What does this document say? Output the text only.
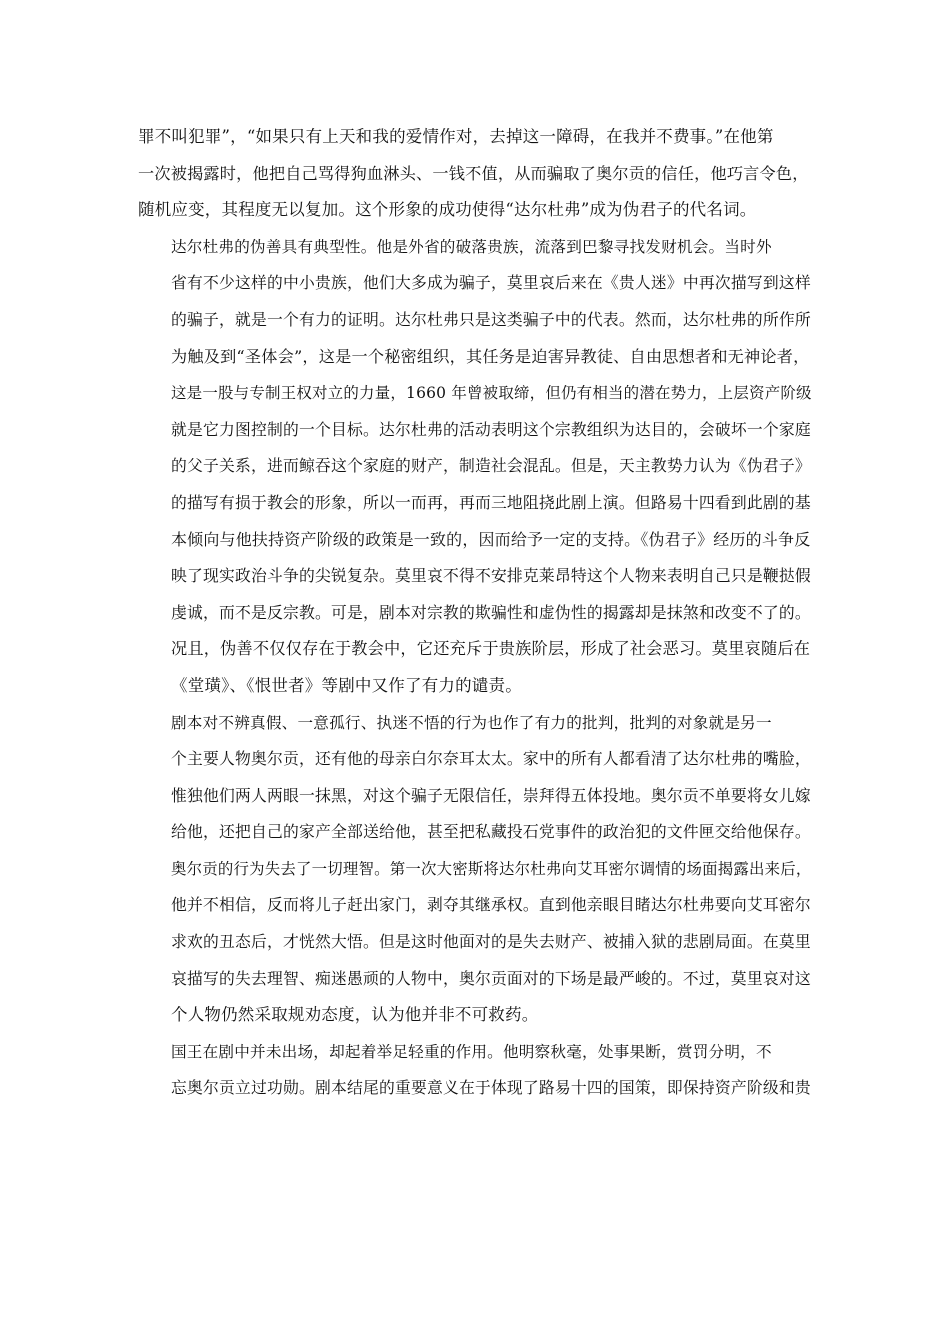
罪不叫犯罪”，“如果只有上天和我的爱情作对，去掉这一障碍，在我并不费事。”在他第
一次被揭露时，他把自己骂得狗血淋头、一钱不值，从而骗取了奥尔贡的信任，他巧言令色，
随机应变，其程度无以复加。这个形象的成功使得“达尔杜弗”成为伪君子的代名词。

达尔杜弗的伪善具有典型性。他是外省的破落贵族，流落到巴黎寻找发财机会。当时外
省有不少这样的中小贵族，他们大多成为骗子，莫里哀后来在《贵人迷》中再次描写到这样
的骗子，就是一个有力的证明。达尔杜弗只是这类骗子中的代表。然而，达尔杜弗的所作所
为触及到“圣体会”，这是一个秘密组织，其任务是迫害异教徒、自由思想者和无神论者，
这是一股与专制王权对立的力量，1660 年曾被取缔，但仍有相当的潜在势力，上层资产阶级
就是它力图控制的一个目标。达尔杜弗的活动表明这个宗教组织为达目的，会破坏一个家庭
的父子关系，进而鲸吞这个家庭的财产，制造社会混乱。但是，天主教势力认为《伪君子》
的描写有损于教会的形象，所以一而再，再而三地阻挠此剧上演。但路易十四看到此剧的基
本倾向与他扶持资产阶级的政策是一致的，因而给予一定的支持。《伪君子》经历的斗争反
映了现实政治斗争的尖锐复杂。莫里哀不得不安排克莱昂特这个人物来表明自己只是鞭挞假
虔诚，而不是反宗教。可是，剧本对宗教的欺骗性和虚伪性的揭露却是抹煞和改变不了的。
况且，伪善不仅仅存在于教会中，它还充斥于贵族阶层，形成了社会恶习。莫里哀随后在
《堂璜》、《恨世者》等剧中又作了有力的谴责。

剧本对不辨真假、一意孤行、执迷不悟的行为也作了有力的批判，批判的对象就是另一
个主要人物奥尔贡，还有他的母亲白尔奈耳太太。家中的所有人都看清了达尔杜弗的嘴脸，
惟独他们两人两眼一抹黑，对这个骗子无限信任，崇拜得五体投地。奥尔贡不单要将女儿嫁
给他，还把自己的家产全部送给他，甚至把私藏投石党事件的政治犯的文件匣交给他保存。
奥尔贡的行为失去了一切理智。第一次大密斯将达尔杜弗向艾耳密尔调情的场面揭露出来后，
他并不相信，反而将儿子赶出家门，剥夺其继承权。直到他亲眼目睹达尔杜弗要向艾耳密尔
求欢的丑态后，才恍然大悟。但是这时他面对的是失去财产、被捕入狱的悲剧局面。在莫里
哀描写的失去理智、痴迷愚顽的人物中，奥尔贡面对的下场是最严峻的。不过，莫里哀对这
个人物仍然采取规劝态度，认为他并非不可救药。

国王在剧中并未出场，却起着举足轻重的作用。他明察秋毫，处事果断，赏罚分明，不
忘奥尔贡立过功勋。剧本结尾的重要意义在于体现了路易十四的国策，即保持资产阶级和贵
